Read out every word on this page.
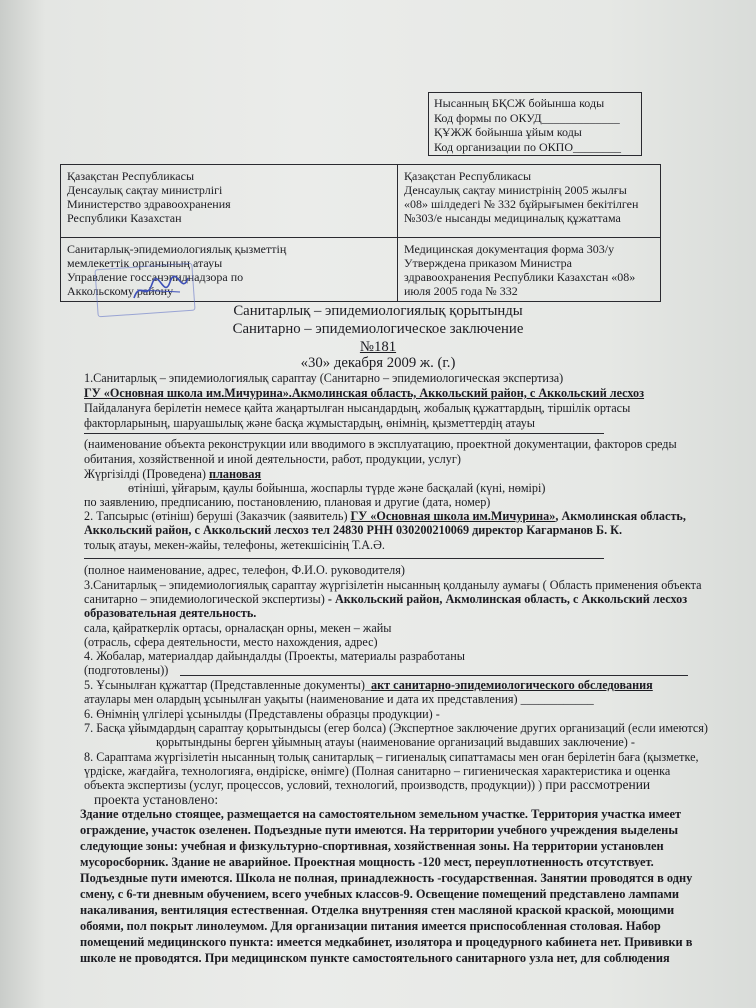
Нысанның БҚСЖ бойынша коды
Код формы по ОКУД_____________
ҚҰЖЖ бойынша ұйым коды
Код организации по ОКПО________
Қазақстан Республикасы
Денсаулық сақтау министрлігі
Министерство здравоохранения
Республики Казахстан
Қазақстан Республикасы
Денсаулық сақтау министрінің 2005 жылғы
«08» шілдедегі № 332 бұйрығымен бекітілген
№303/е нысанды медициналық құжаттама
Санитарлық-эпидемиологиялық қызметтің
мемлекеттік органының атауы
Управление госсанэпиднадзора по
Аккольскому району
Медицинская документация форма 303/у
Утверждена приказом Министра
здравоохранения Республики Казахстан «08»
июля 2005 года № 332
Санитарлық – эпидемиологиялық қорытынды
Санитарно – эпидемиологическое заключение
№181
«30» декабря 2009 ж. (г.)
1.Санитарлық – эпидемиологиялық сараптау (Санитарно – эпидемиологическая экспертиза)
ГУ «Основная школа им.Мичурина».Акмолинская область, Аккольский район, с Аккольский лесхоз
Пайдалануға берілетін немесе қайта жаңартылған нысандардың, жобалық құжаттардың, тіршілік ортасы
факторларының, шаруашылық және басқа жұмыстардың, өнімнің, қызметтердің атауы
(наименование объекта реконструкции или вводимого в эксплуатацию, проектной документации, факторов среды
обитания, хозяйственной и иной деятельности, работ, продукции, услуг)
Жүргізілді (Проведена) плановая
өтініші, ұйғарым, қаулы бойынша, жоспарлы түрде және басқалай (күні, нөмірі)
по заявлению, предписанию, постановлению, плановая и другие (дата, номер)
2. Тапсырыс (өтініш) беруші (Заказчик (заявитель) ГУ «Основная школа им.Мичурина», Акмолинская область,
Аккольский район, с Аккольский лесхоз тел 24830 РНН 030200210069 директор Кагарманов Б. К.
толық атауы, мекен-жайы, телефоны, жетекшісінің Т.А.Ә.
(полное наименование, адрес, телефон, Ф.И.О. руководителя)
3.Санитарлық – эпидемиологиялық сараптау жүргізілетін нысанның қолданылу аумағы ( Область применения объекта
санитарно – эпидемиологической экспертизы) - Аккольский район, Акмолинская область, с Аккольский лесхоз
образовательная деятельность.
сала, қайраткерлік ортасы, орналасқан орны, мекен – жайы
(отрасль, сфера деятельности, место нахождения, адрес)
4. Жобалар, материалдар дайындалды (Проекты, материалы разработаны
(подготовлены))
5. Ұсынылған құжаттар (Представленные документы)_акт санитарно-эпидемиологического обследования
атаулары мен олардың ұсынылған уақыты (наименование и дата их представления) ____________
6. Өнімнің үлгілері ұсынылды (Представлены образцы продукции) -
7. Басқа ұйымдардың сараптау қорытындысы (егер болса) (Экспертное заключение других организаций (если имеются)
қорытындыны берген ұйымның атауы (наименование организаций выдавших заключение) -
8. Сараптама жүргізілетін нысанның толық санитарлық – гигиеналық сипаттамасы мен оған берілетін баға (қызметке,
үрдіске, жағдайға, технологияға, өндіріске, өнімге) (Полная санитарно – гигиеническая характеристика и оценка
объекта экспертизы (услуг, процессов, условий, технологий, производств, продукции)) ) при рассмотрении
проекта установлено:
Здание отдельно стоящее, размещается на самостоятельном земельном участке. Территория участка имеет
ограждение, участок озеленен. Подъездные пути имеются. На территории учебного учреждения выделены
следующие зоны: учебная и физкультурно-спортивная, хозяйственная зоны. На территории установлен
мусоросборник. Здание не аварийное. Проектная мощность -120 мест, переуплотненность отсутствует.
Подъездные пути имеются. Школа не полная, принадлежность -государственная. Занятии проводятся в одну
смену, с 6-ти дневным обучением, всего учебных классов-9. Освещение помещений представлено лампами
накаливания, вентиляция естественная. Отделка внутренняя стен масляной краской краской, моющими
обоями, пол покрыт линолеумом. Для организации питания имеется приспособленная столовая. Набор
помещений медицинского пункта: имеется медкабинет, изолятора и процедурного кабинета нет. Прививки в
школе не проводятся. При медицинском пункте самостоятельного санитарного узла нет, для соблюдения
